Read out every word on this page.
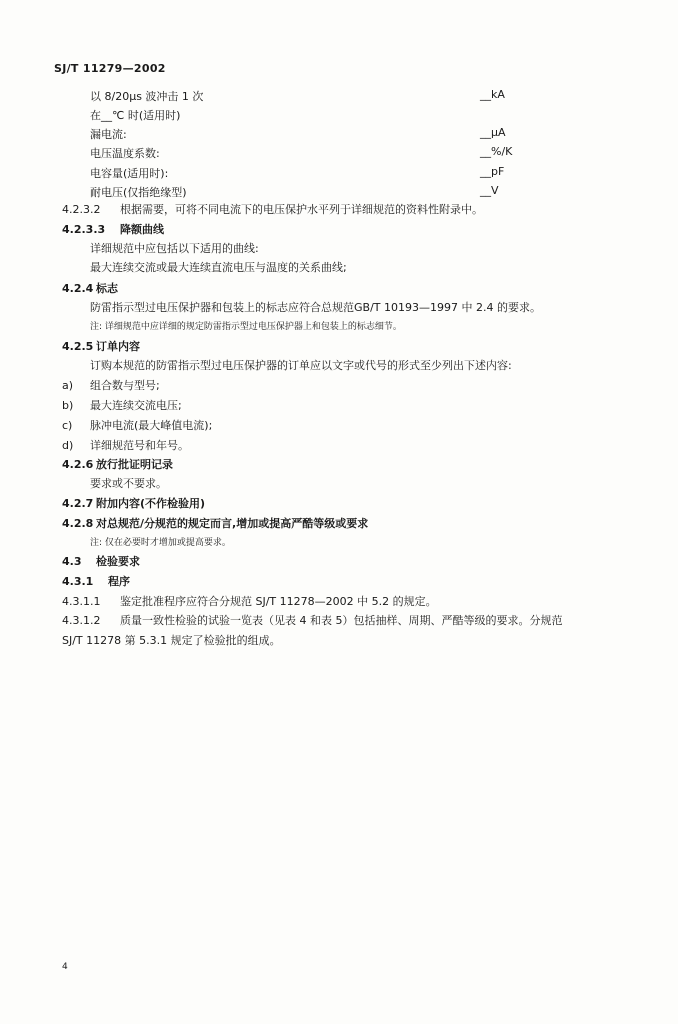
SJ/T 11279—2002
以 8/20μs 波冲击 1 次	__kA
在__℃ 时(适用时)
漏电流:	__μA
电压温度系数:	__%/K
电容量(适用时):	__pF
耐电压(仅指绝缘型)	__V
4.2.3.2 根据需要，可将不同电流下的电压保护水平列于详细规范的资料性附录中。
4.2.3.3 降额曲线
详细规范中应包括以下适用的曲线:
最大连续交流或最大连续直流电压与温度的关系曲线;
4.2.4 标志
防雷指示型过电压保护器和包装上的标志应符合总规范GB/T 10193—1997 中 2.4 的要求。
注: 详细规范中应详细的规定防雷指示型过电压保护器上和包装上的标志细节。
4.2.5 订单内容
订购本规范的防雷指示型过电压保护器的订单应以文字或代号的形式至少列出下述内容:
a) 组合数与型号;
b) 最大连续交流电压;
c) 脉冲电流(最大峰值电流);
d) 详细规范号和年号。
4.2.6 放行批证明记录
要求或不要求。
4.2.7 附加内容(不作检验用)
4.2.8 对总规范/分规范的规定而言,增加或提高严酷等级或要求
注: 仅在必要时才增加或提高要求。
4.3 检验要求
4.3.1 程序
4.3.1.1 鉴定批准程序应符合分规范 SJ/T 11278—2002 中 5.2 的规定。
4.3.1.2 质量一致性检验的试验一览表（见表 4 和表 5）包括抽样、周期、严酷等级的要求。分规范
SJ/T 11278 第 5.3.1 规定了检验批的组成。
4
